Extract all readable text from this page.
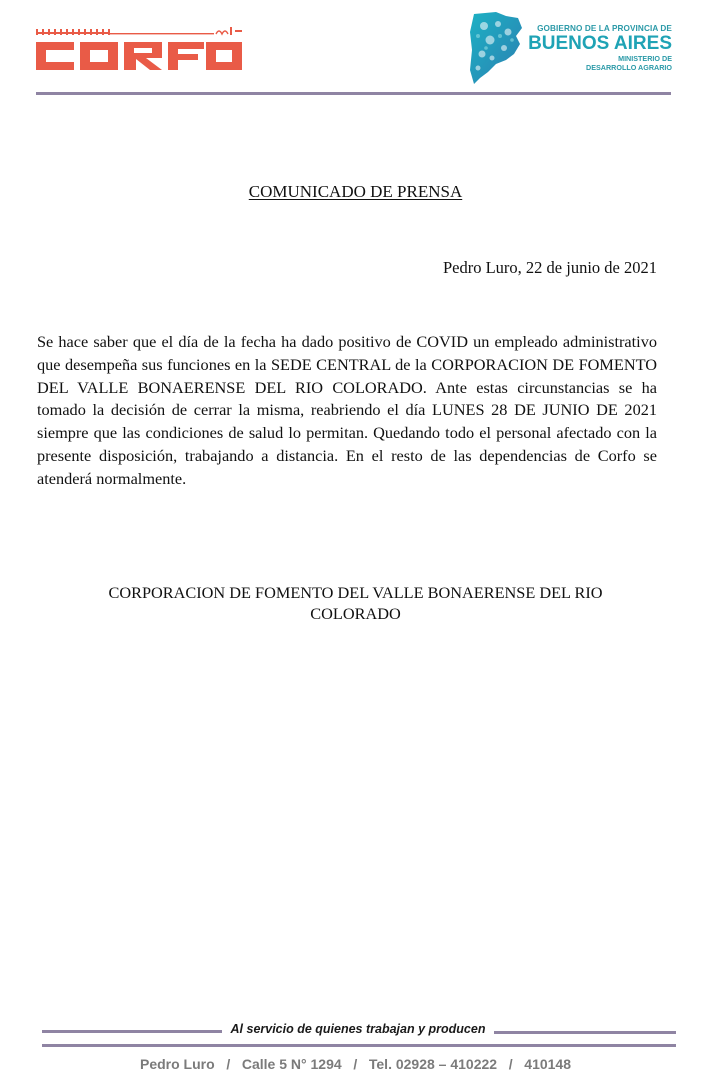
GOBIERNO DE LA PROVINCIA DE
BUENOS AIRES
MINISTERIO DE
DESARROLLO AGRARIO
COMUNICADO DE PRENSA
Pedro Luro, 22 de junio de 2021
Se hace saber que el día de la fecha ha dado positivo de COVID un empleado administrativo que desempeña sus funciones en la SEDE CENTRAL de la CORPORACION DE FOMENTO DEL VALLE BONAERENSE DEL RIO COLORADO. Ante estas circunstancias se ha tomado la decisión de cerrar la misma, reabriendo el día LUNES 28 DE JUNIO DE 2021 siempre que las condiciones de salud lo permitan. Quedando todo el personal afectado con la presente disposición, trabajando a distancia. En el resto de las dependencias de Corfo se atenderá normalmente.
CORPORACION DE FOMENTO DEL VALLE BONAERENSE DEL RIO
COLORADO
Al servicio de quienes trabajan y producen
Pedro Luro   /   Calle 5 N° 1294   /   Tel. 02928 – 410222   /   410148
